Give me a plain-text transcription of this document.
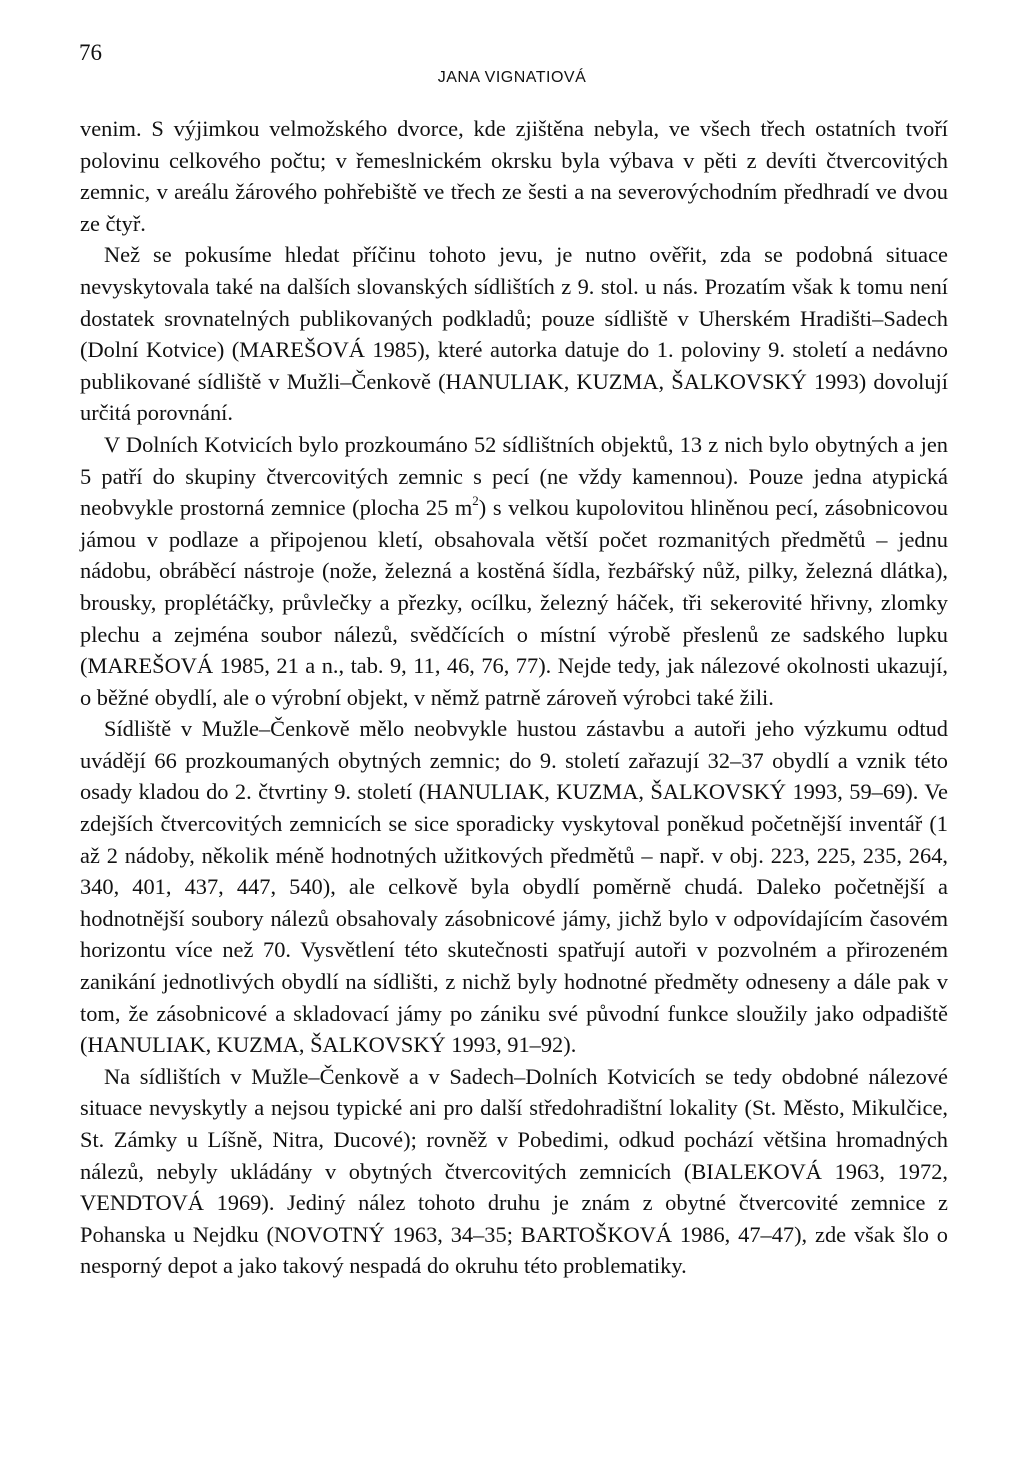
76
JANA VIGNATIOVÁ

venim. S výjimkou velmožského dvorce, kde zjištěna nebyla, ve všech třech ostatních tvoří polovinu celkového počtu; v řemeslnickém okrsku byla výbava v pěti z devíti čtvercovitých zemnic, v areálu žárového pohřebiště ve třech ze šesti a na severovýchodním předhradí ve dvou ze čtyř.

Než se pokusíme hledat příčinu tohoto jevu, je nutno ověřit, zda se podobná situace nevyskytovala také na dalších slovanských sídlištích z 9. stol. u nás. Prozatím však k tomu není dostatek srovnatelných publikovaných podkladů; pouze sídliště v Uherském Hradišti–Sadech (Dolní Kotvice) (MAREŠOVÁ 1985), které autorka datuje do 1. poloviny 9. století a nedávno publikované sídliště v Mužli–Čenkově (HANULIAK, KUZMA, ŠALKOVSKÝ 1993) dovolují určitá porovnání.

V Dolních Kotvicích bylo prozkoumáno 52 sídlištních objektů, 13 z nich bylo obytných a jen 5 patří do skupiny čtvercovitých zemnic s pecí (ne vždy kamennou). Pouze jedna atypická neobvykle prostorná zemnice (plocha 25 $m^2$) s velkou kupolovitou hliněnou pecí, zásobnicovou jámou v podlaze a připojenou kletí, obsahovala větší počet rozmanitých předmětů – jednu nádobu, obráběcí nástroje (nože, železná a kostěná šídla, řezbářský nůž, pilky, železná dlátka), brousky, proplétáčky, průvlečky a přezky, ocílku, železný háček, tři sekerovité hřivny, zlomky plechu a zejména soubor nálezů, svědčících o místní výrobě přeslenů ze sadského lupku (MAREŠOVÁ 1985, 21 a n., tab. 9, 11, 46, 76, 77). Nejde tedy, jak nálezové okolnosti ukazují, o běžné obydlí, ale o výrobní objekt, v němž patrně zároveň výrobci také žili.

Sídliště v Mužle–Čenkově mělo neobvykle hustou zástavbu a autoři jeho výzkumu odtud uvádějí 66 prozkoumaných obytných zemnic; do 9. století zařazují 32–37 obydlí a vznik této osady kladou do 2. čtvrtiny 9. století (HANULIAK, KUZMA, ŠALKOVSKÝ 1993, 59–69). Ve zdejších čtvercovitých zemnicích se sice sporadicky vyskytoval poněkud početnější inventář (1 až 2 nádoby, několik méně hodnotných užitkových předmětů – např. v obj. 223, 225, 235, 264, 340, 401, 437, 447, 540), ale celkově byla obydlí poměrně chudá. Daleko početnější a hodnotnější soubory nálezů obsahovaly zásobnicové jámy, jichž bylo v odpovídajícím časovém horizontu více než 70. Vysvětlení této skutečnosti spatřují autoři v pozvolném a přirozeném zanikání jednotlivých obydlí na sídlišti, z nichž byly hodnotné předměty odneseny a dále pak v tom, že zásobnicové a skladovací jámy po zániku své původní funkce sloužily jako odpadiště (HANULIAK, KUZMA, ŠALKOVSKÝ 1993, 91–92).

Na sídlištích v Mužle–Čenkově a v Sadech–Dolních Kotvicích se tedy obdobné nálezové situace nevyskytly a nejsou typické ani pro další středohradištní lokality (St. Město, Mikulčice, St. Zámky u Líšně, Nitra, Ducové); rovněž v Pobedimi, odkud pochází většina hromadných nálezů, nebyly ukládány v obytných čtvercovitých zemnicích (BIALEKOVÁ 1963, 1972, VENDTOVÁ 1969). Jediný nález tohoto druhu je znám z obytné čtvercovité zemnice z Pohanska u Nejdku (NOVOTNÝ 1963, 34–35; BARTOŠKOVÁ 1986, 47–47), zde však šlo o nesporný depot a jako takový nespadá do okruhu této problematiky.
